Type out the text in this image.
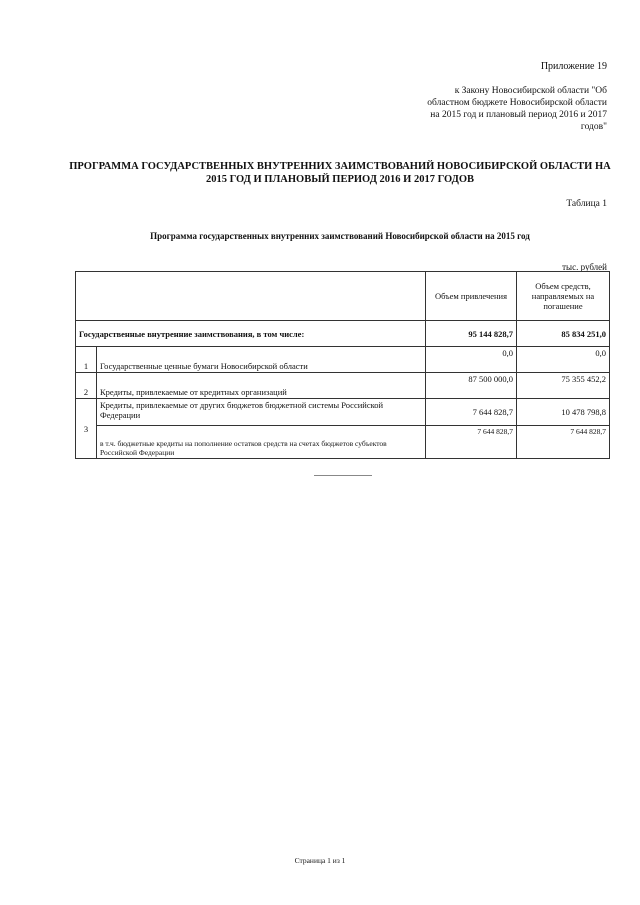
Приложение 19
к Закону Новосибирской области "Об областном бюджете Новосибирской области на 2015 год и плановый период 2016 и 2017 годов"
ПРОГРАММА ГОСУДАРСТВЕННЫХ ВНУТРЕННИХ ЗАИМСТВОВАНИЙ НОВОСИБИРСКОЙ ОБЛАСТИ НА 2015 ГОД И ПЛАНОВЫЙ ПЕРИОД 2016 И 2017 ГОДОВ
Таблица 1
Программа государственных внутренних заимствований Новосибирской области на 2015 год
тыс. рублей
		Объем привлечения	Объем средств, направляемых на погашение
Государственные внутренние заимствования, в том числе:		95 144 828,7	85 834 251,0
1	Государственные ценные бумаги Новосибирской области	0,0	0,0
2	Кредиты, привлекаемые от кредитных организаций	87 500 000,0	75 355 452,2
3	Кредиты, привлекаемые от других бюджетов бюджетной системы Российской Федерации	7 644 828,7	10 478 798,8
	в т.ч. бюджетные кредиты на пополнение остатков средств на счетах бюджетов субъектов Российской Федерации	7 644 828,7	7 644 828,7
Страница 1 из 1
